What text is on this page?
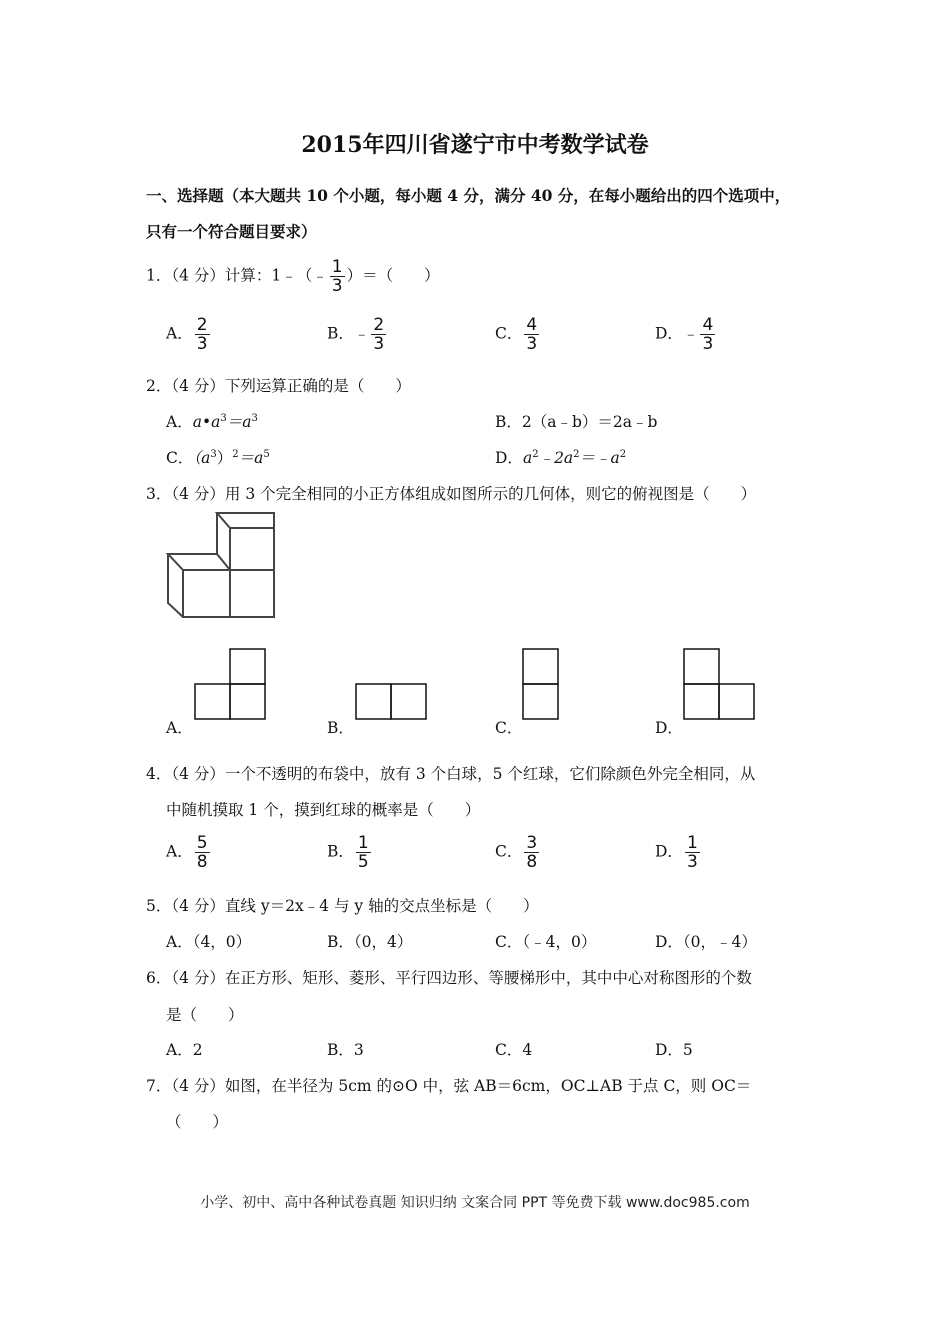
2015年四川省遂宁市中考数学试卷
一、选择题（本大题共 10 个小题，每小题 4 分，满分 40 分，在每小题给出的四个选项中，
只有一个符合题目要求）
1．（4 分）计算：1﹣（﹣ $\frac{1}{3}$ ）＝（　　）
A． $\frac{2}{3}$	B．﹣ $\frac{2}{3}$	C． $\frac{4}{3}$	D．﹣ $\frac{4}{3}$
2．（4 分）下列运算正确的是（　　）
A．$a•a^3=a^3$	B．2（a﹣b）＝2a﹣b
C．$(a^3)^2=a^5$	D．$a^2﹣2a^2=﹣a^2$
3．（4 分）用 3 个完全相同的小正方体组成如图所示的几何体，则它的俯视图是（　　）
A．	B．	C．	D．
4．（4 分）一个不透明的布袋中，放有 3 个白球，5 个红球，它们除颜色外完全相同，从
中随机摸取 1 个，摸到红球的概率是（　　）
A． $\frac{5}{8}$	B． $\frac{1}{5}$	C． $\frac{3}{8}$	D． $\frac{1}{3}$
5．（4 分）直线 y＝2x﹣4 与 y 轴的交点坐标是（　　）
A．（4，0）	B．（0，4）	C．（﹣4，0）	D．（0，﹣4）
6．（4 分）在正方形、矩形、菱形、平行四边形、等腰梯形中，其中中心对称图形的个数
是（　　）
A．2	B．3	C．4	D．5
7．（4 分）如图，在半径为 5cm 的⊙O 中，弦 AB＝6cm，OC⊥AB 于点 C，则 OC＝
（　　）
小学、初中、高中各种试卷真题 知识归纳 文案合同 PPT 等免费下载 www.doc985.com
